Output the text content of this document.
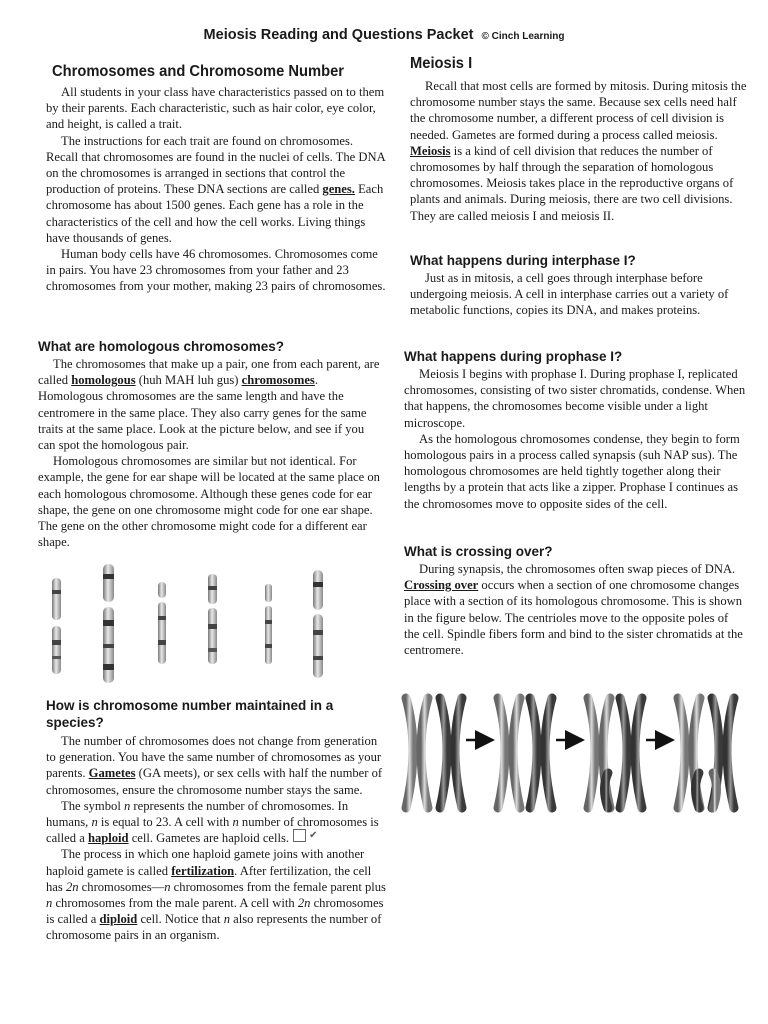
Meiosis Reading and Questions Packet © Cinch Learning
Chromosomes and Chromosome Number

All students in your class have characteristics passed on to them by their parents. Each characteristic, such as hair color, eye color, and height, is called a trait.

The instructions for each trait are found on chromosomes. Recall that chromosomes are found in the nuclei of cells. The DNA on the chromosomes is arranged in sections that control the production of proteins. These DNA sections are called genes. Each chromosome has about 1500 genes. Each gene has a role in the characteristics of the cell and how the cell works. Living things have thousands of genes.

Human body cells have 46 chromosomes. Chromosomes come in pairs. You have 23 chromosomes from your father and 23 chromosomes from your mother, making 23 pairs of chromosomes.

What are homologous chromosomes?

The chromosomes that make up a pair, one from each parent, are called homologous (huh MAH luh gus) chromosomes. Homologous chromosomes are the same length and have the centromere in the same place. They also carry genes for the same traits at the same place. Look at the picture below, and see if you can spot the homologous pair.

Homologous chromosomes are similar but not identical. For example, the gene for ear shape will be located at the same place on each homologous chromosome. Although these genes code for ear shape, the gene on one chromosome might code for one ear shape. The gene on the other chromosome might code for a different ear shape.

How is chromosome number maintained in a species?

The number of chromosomes does not change from generation to generation. You have the same number of chromosomes as your parents. Gametes (GA meets), or sex cells with half the number of chromosomes, ensure the chromosome number stays the same.

The symbol n represents the number of chromosomes. In humans, n is equal to 23. A cell with n number of chromosomes is called a haploid cell. Gametes are haploid cells. ✔

The process in which one haploid gamete joins with another haploid gamete is called fertilization. After fertilization, the cell has 2n chromosomes—n chromosomes from the female parent plus n chromosomes from the male parent. A cell with 2n chromosomes is called a diploid cell. Notice that n also represents the number of chromosome pairs in an organism.

Meiosis I

Recall that most cells are formed by mitosis. During mitosis the chromosome number stays the same. Because sex cells need half the chromosome number, a different process of cell division is needed. Gametes are formed during a process called meiosis. Meiosis is a kind of cell division that reduces the number of chromosomes by half through the separation of homologous chromosomes. Meiosis takes place in the reproductive organs of plants and animals. During meiosis, there are two cell divisions. They are called meiosis I and meiosis II.

What happens during interphase I?

Just as in mitosis, a cell goes through interphase before undergoing meiosis. A cell in interphase carries out a variety of metabolic functions, copies its DNA, and makes proteins.

What happens during prophase I?

Meiosis I begins with prophase I. During prophase I, replicated chromosomes, consisting of two sister chromatids, condense. When that happens, the chromosomes become visible under a light microscope.

As the homologous chromosomes condense, they begin to form homologous pairs in a process called synapsis (suh NAP sus). The homologous chromosomes are held tightly together along their lengths by a protein that acts like a zipper. Prophase I continues as the chromosomes move to opposite sides of the cell.

What is crossing over?

During synapsis, the chromosomes often swap pieces of DNA. Crossing over occurs when a section of one chromosome changes place with a section of its homologous chromosome. This is shown in the figure below. The centrioles move to the opposite poles of the cell. Spindle fibers form and bind to the sister chromatids at the centromere.
